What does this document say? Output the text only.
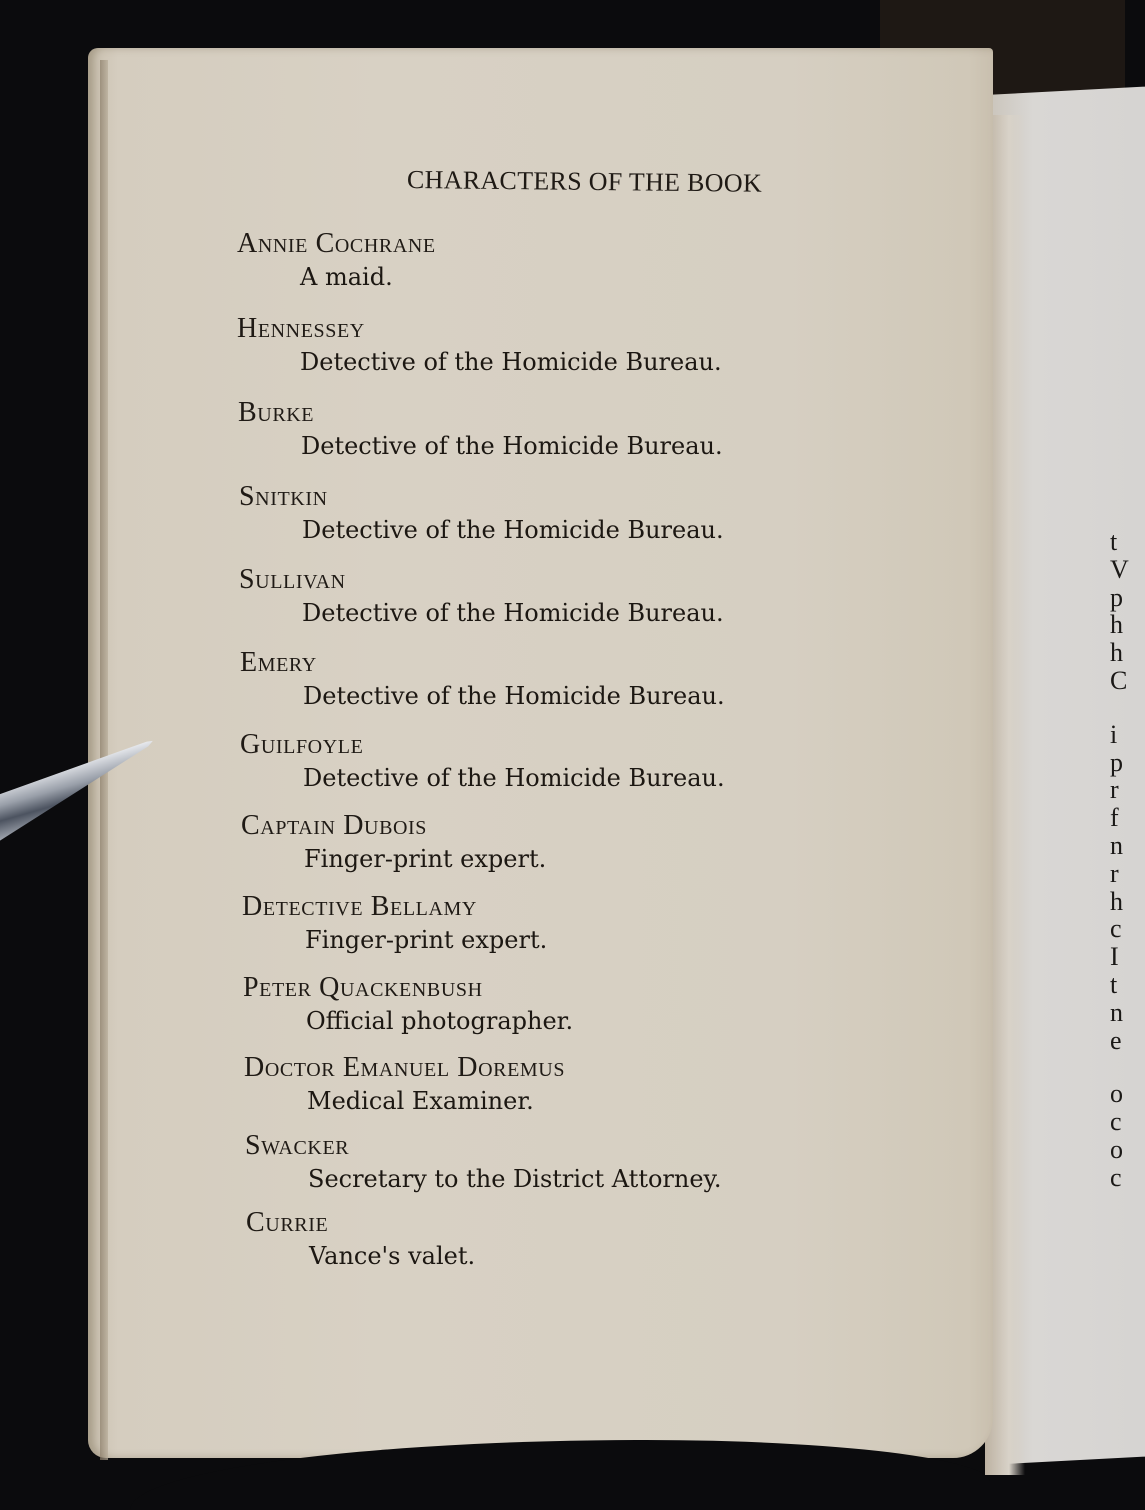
t
V
p
h
h
C
i
p
r
f
n
r
h
c
I
t
n
e
o
c
o
c
CHARACTERS OF THE BOOK
Annie Cochrane
A maid.
Hennessey
Detective of the Homicide Bureau.
Burke
Detective of the Homicide Bureau.
Snitkin
Detective of the Homicide Bureau.
Sullivan
Detective of the Homicide Bureau.
Emery
Detective of the Homicide Bureau.
Guilfoyle
Detective of the Homicide Bureau.
Captain Dubois
Finger-print expert.
Detective Bellamy
Finger-print expert.
Peter Quackenbush
Official photographer.
Doctor Emanuel Doremus
Medical Examiner.
Swacker
Secretary to the District Attorney.
Currie
Vance's valet.
